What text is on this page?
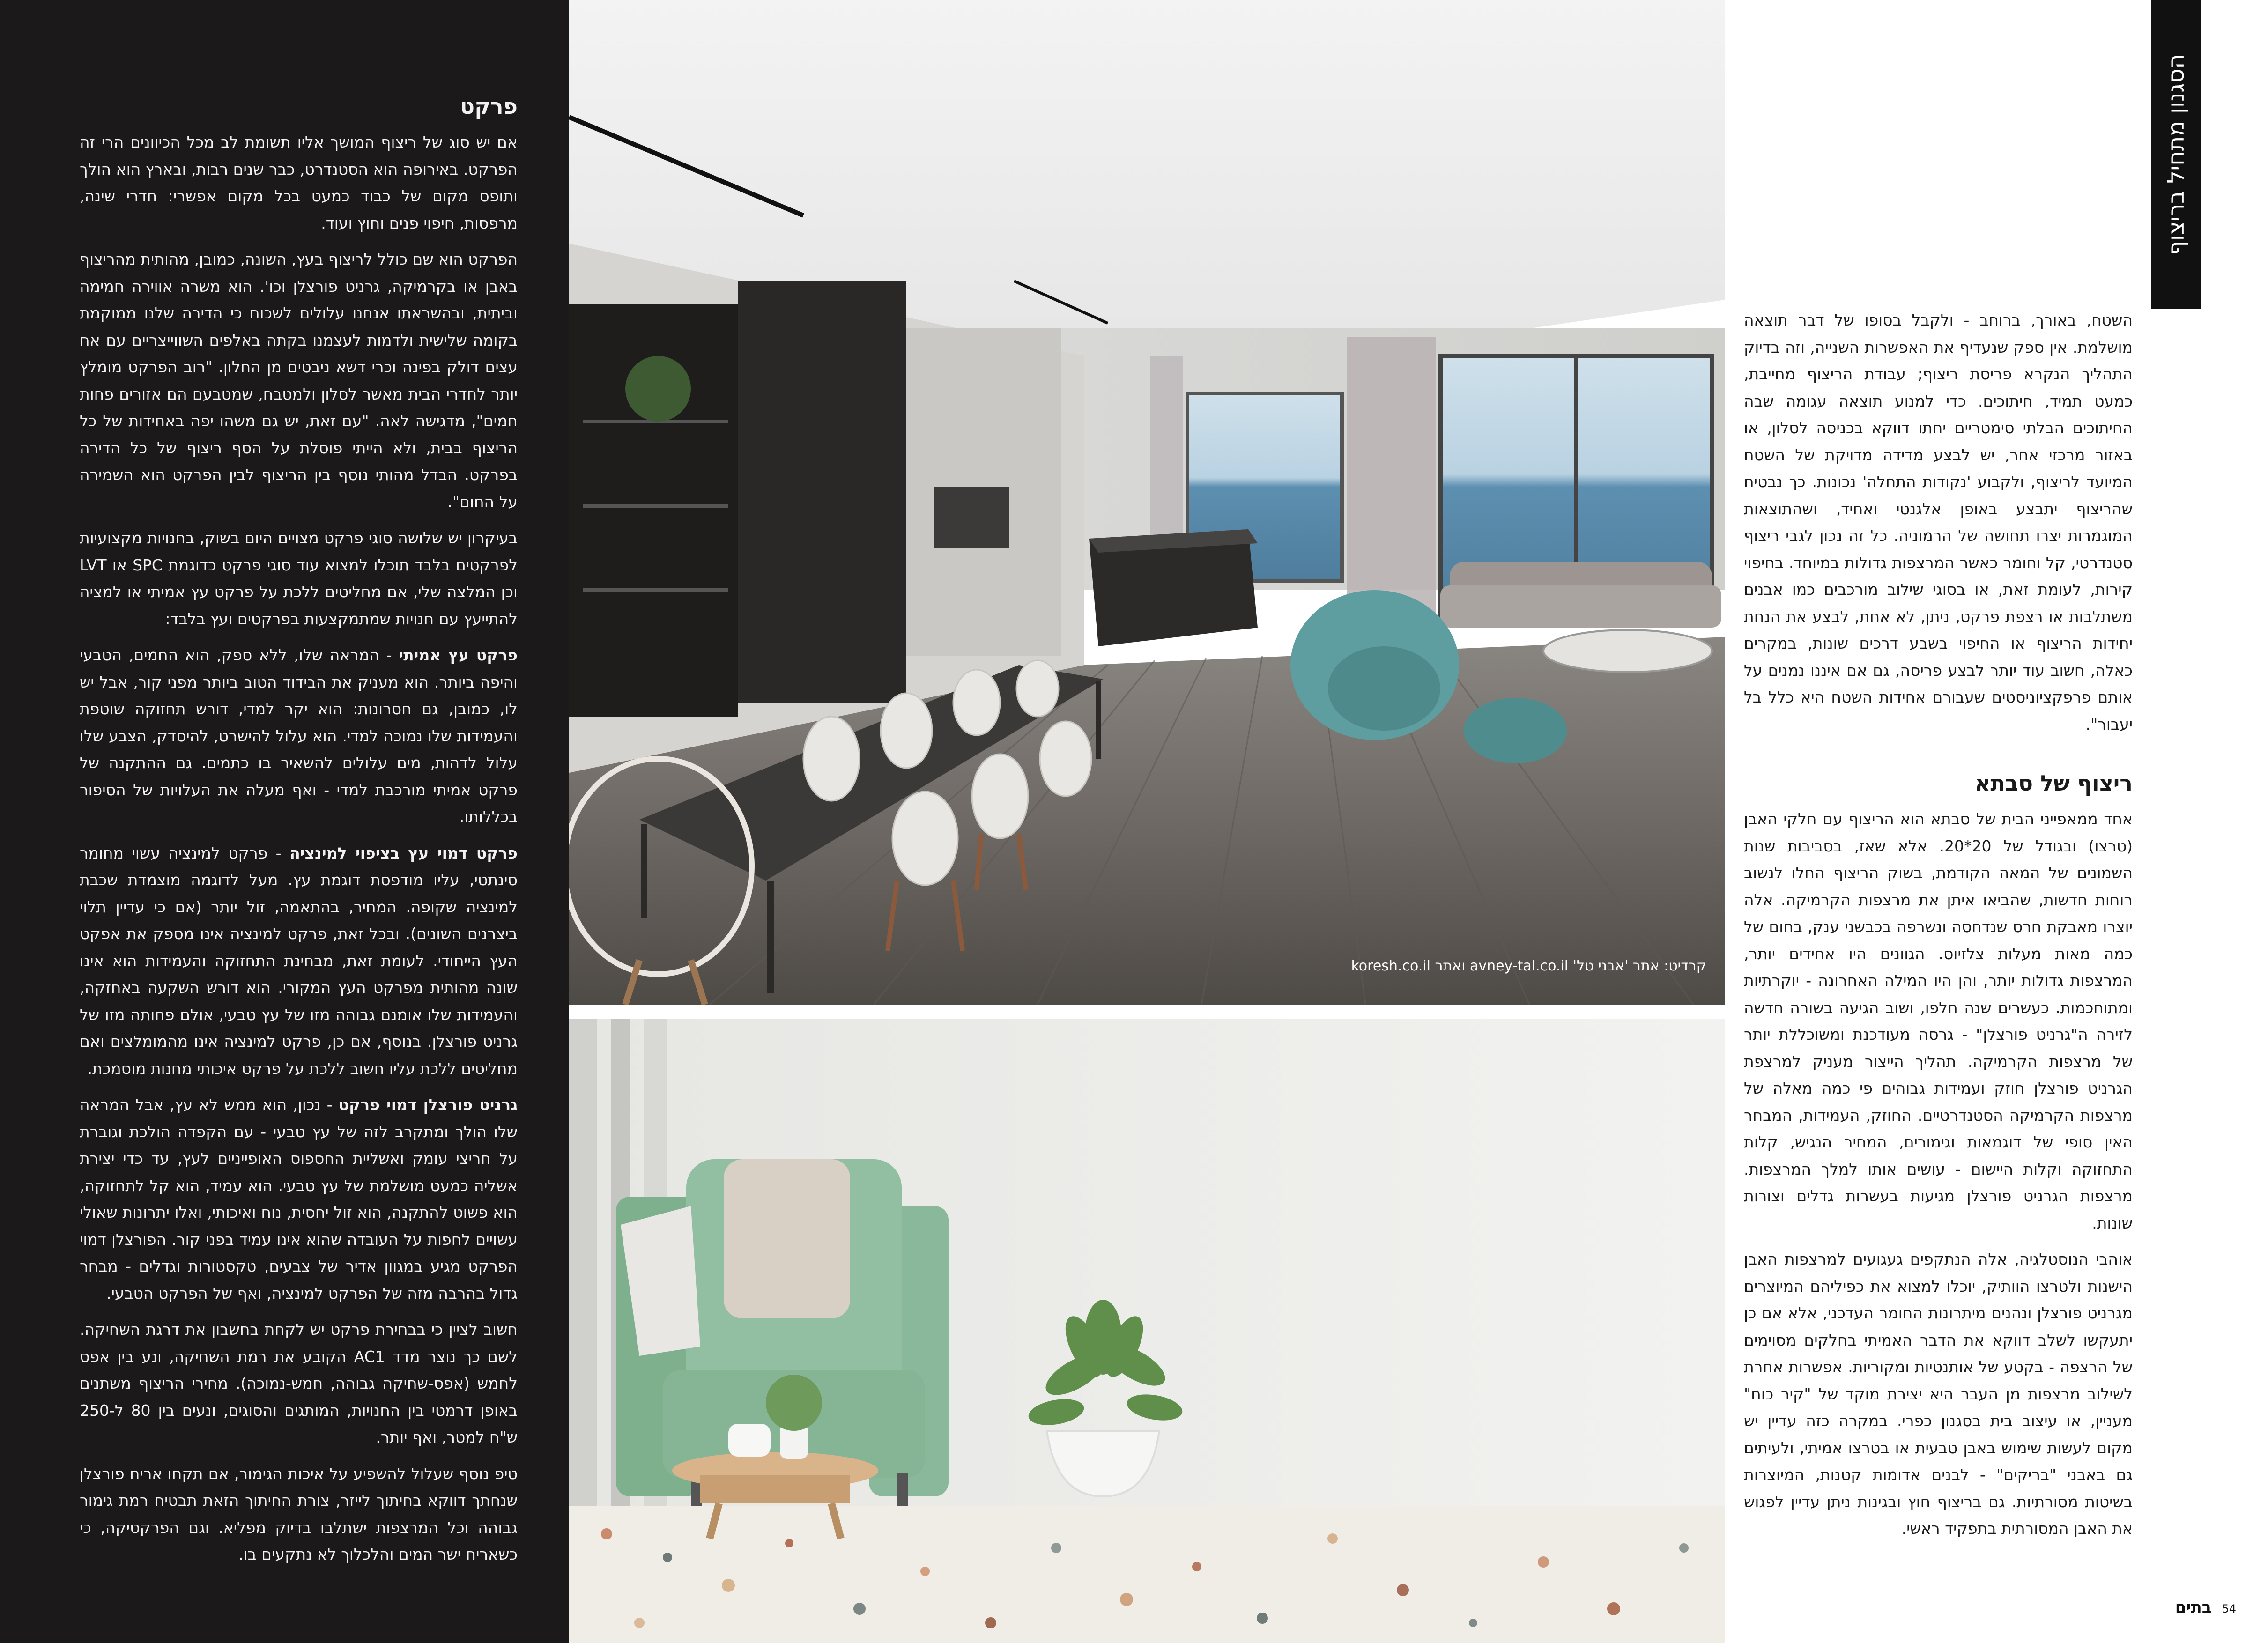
פרקט

אם יש סוג של ריצוף המושך אליו תשומת לב מכל הכיוונים הרי זה הפרקט. באירופה הוא הסטנדרט, כבר שנים רבות, ובארץ הוא הולך ותופס מקום של כבוד כמעט בכל מקום אפשרי: חדרי שינה, מרפסות, חיפוי פנים וחוץ ועוד.

הפרקט הוא שם כולל לריצוף בעץ, השונה, כמובן, מהותית מהריצוף באבן או בקרמיקה, גרניט פורצלן וכו'. הוא משרה אווירה חמימה וביתית, ובהשראתו אנחנו עלולים לשכוח כי הדירה שלנו ממוקמת בקומה שלישית ולדמות לעצמנו בקתה באלפים השווייצריים עם אח עצים דולק בפינה וכרי דשא ניבטים מן החלון. "רוב הפרקט מומלץ יותר לחדרי הבית מאשר לסלון ולמטבח, שמטבעם הם אזורים פחות חמים", מדגישה לאה. "עם זאת, יש גם משהו יפה באחידות של כל הריצוף בבית, ולא הייתי פוסלת על הסף ריצוף של כל הדירה בפרקט. הבדל מהותי נוסף בין הריצוף לבין הפרקט הוא השמירה על החום".

בעיקרון יש שלושה סוגי פרקט מצויים היום בשוק, בחנויות מקצועיות לפרקטים בלבד תוכלו למצוא עוד סוגי פרקט כדוגמת SPC או LVT וכן המלצה שלי, אם מחליטים ללכת על פרקט עץ אמיתי או למציה להתייעץ עם חנויות שמתמקצעות בפרקטים ועץ בלבד:

פרקט עץ אמיתי - המראה שלו, ללא ספק, הוא החמים, הטבעי והיפה ביותר. הוא מעניק את הבידוד הטוב ביותר מפני קור, אבל יש לו, כמובן, גם חסרונות: הוא יקר למדי, דורש תחזוקה שוטפת והעמידות שלו נמוכה למדי. הוא עלול להישרט, להיסדק, הצבע שלו עלול לדהות, מים עלולים להשאיר בו כתמים. גם ההתקנה של פרקט אמיתי מורכבת למדי - ואף מעלה את העלויות של הסיפור בכללותו.

פרקט דמוי עץ בציפוי למינציה - פרקט למינציה עשוי מחומר סינתטי, עליו מודפסת דוגמת עץ. מעל לדוגמה מוצמדת שכבת למינציה שקופה. המחיר, בהתאמה, זול יותר (אם כי עדיין תלוי ביצרנים השונים). ובכל זאת, פרקט למינציה אינו מספק את אפקט העץ הייחודי. לעומת זאת, מבחינת התחזוקה והעמידות הוא אינו שונה מהותית מפרקט העץ המקורי. הוא דורש השקעה באחזקה, והעמידות שלו אומנם גבוהה מזו של עץ טבעי, אולם פחותה מזו של גרניט פורצלן. בנוסף, אם כן, פרקט למינציה אינו מהמומלצים ואם מחליטים ללכת עליו חשוב ללכת על פרקט איכותי מחנות מוסמכת.

גרניט פורצלן דמוי פרקט - נכון, הוא ממש לא עץ, אבל המראה שלו הולך ומתקרב לזה של עץ טבעי - עם הקפדה הולכת וגוברת על חריצי עומק ואשליית החספוס האופייניים לעץ, עד כדי יצירת אשליה כמעט מושלמת של עץ טבעי. הוא עמיד, הוא קל לתחזוקה, הוא פשוט להתקנה, הוא זול יחסית, נוח ואיכותי, ואלו יתרונות שאולי עשויים לחפות על העובדה שהוא אינו עמיד בפני קור. הפורצלן דמוי הפרקט מגיע במגוון אדיר של צבעים, טקסטורות וגדלים - מבחר גדול בהרבה מזה של הפרקט למינציה, ואף של הפרקט הטבעי.

חשוב לציין כי בבחירת פרקט יש לקחת בחשבון את דרגת השחיקה. לשם כך נוצר מדד AC1 הקובע את רמת השחיקה, ונע בין אפס לחמש (אפס-שחיקה גבוהה, חמש-נמוכה). מחירי הריצוף משתנים באופן דרמטי בין החנויות, המותגים והסוגים, ונעים בין 80 ל-250 ש"ח למטר, ואף יותר.

טיפ נוסף שעלול להשפיע על איכות הגימור, אם תקחו אריח פורצלן שנחתך דווקא בחיתוך לייזר, צורת החיתוך הזאת תבטיח רמת גימור גבוהה וכל המרצפות ישתלבו בדיוק מפליא. וגם הפרקטיקה, כי כשאריח ישר המים והלכלוך לא נתקעים בו.

קרדיט: אתר 'אבני טל' avney-tal.co.il ואתר koresh.co.il
הסגנון מתחיל בריצוף

השטח, באורך, ברוחב - ולקבל בסופו של דבר תוצאה מושלמת. אין ספק שנעדיף את האפשרות השנייה, וזה בדיוק התהליך הנקרא פריסת ריצוף; עבודת הריצוף מחייבת, כמעט תמיד, חיתוכים. כדי למנוע תוצאה עגומה שבה החיתוכים הבלתי סימטריים יחתו דווקא בכניסה לסלון, או באזור מרכזי אחר, יש לבצע מדידה מדויקת של השטח המיועד לריצוף, ולקבוע 'נקודות התחלה' נכונות. כך נבטיח שהריצוף יתבצע באופן אלגנטי ואחיד, ושהתוצאות המוגמרות יצרו תחושה של הרמוניה. כל זה נכון לגבי ריצוף סטנדרטי, קל וחומר כאשר המרצפות גדולות במיוחד. בחיפוי קירות, לעומת זאת, או בסוגי שילוב מורכבים כמו אבנים משתלבות או רצפת פרקט, ניתן, לא אחת, לבצע את הנחת יחידות הריצוף או החיפוי בשבע דרכים שונות, במקרים כאלה, חשוב עוד יותר לבצע פריסה, גם אם איננו נמנים על אותם פרפקציוניסטים שעבורם אחידות השטח היא כלל בל יעבור".

ריצוף של סבתא

אחד ממאפייני הבית של סבתא הוא הריצוף עם חלקי האבן (טרצו) ובגודל של 20*20. אלא שאז, בסביבות שנות השמונים של המאה הקודמת, בשוק הריצוף החלו לנשוב רוחות חדשות, שהביאו איתן את מרצפות הקרמיקה. אלה יוצרו מאבקת חרס שנדחסה ונשרפה בכבשני ענק, בחום של כמה מאות מעלות צלזיוס. הגוונים היו אחידים יותר, המרצפות גדולות יותר, והן היו המילה האחרונה - יוקרתיות ומתוחכמות. כעשרים שנה חלפו, ושוב הגיעה בשורה חדשה לזירה ה"גרניט פורצלן" - גרסה מעודכנת ומשוכללת יותר של מרצפות הקרמיקה. תהליך הייצור מעניק למרצפת הגרניט פורצלן חוזק ועמידות גבוהים פי כמה מאלה של מרצפות הקרמיקה הסטנדרטיים. החוזק, העמידות, המבחר האין סופי של דוגמאות וגימורים, המחיר הנגיש, קלות התחזוקה וקלות היישום - עושים אותו למלך המרצפות. מרצפות הגרניט פורצלן מגיעות בעשרות גדלים וצורות שונות.

אוהבי הנוסטלגיה, אלה הנתקפים געגועים למרצפות האבן הישנות ולטרצו הוותיק, יוכלו למצוא את כפיליהם המיוצרים מגרניט פורצלן ונהנים מיתרונות החומר העדכני, אלא אם כן יתעקשו לשלב דווקא את הדבר האמיתי בחלקים מסוימים של הרצפה - בקטע של אותנטיות ומקוריות. אפשרות אחרת לשילוב מרצפות מן העבר היא יצירת מוקד של "קיר כוח" מעניין, או עיצוב בית בסגנון כפרי. במקרה כזה עדיין יש מקום לעשות שימוש באבן טבעית או בטרצו אמיתי, ולעיתים גם באבני "בריקים" - לבנים אדומות קטנות, המיוצרות בשיטות מסורתיות. גם בריצוף חוץ ובגינות ניתן עדיין לפגוש את האבן המסורתית בתפקיד ראשי.

54
בתים
